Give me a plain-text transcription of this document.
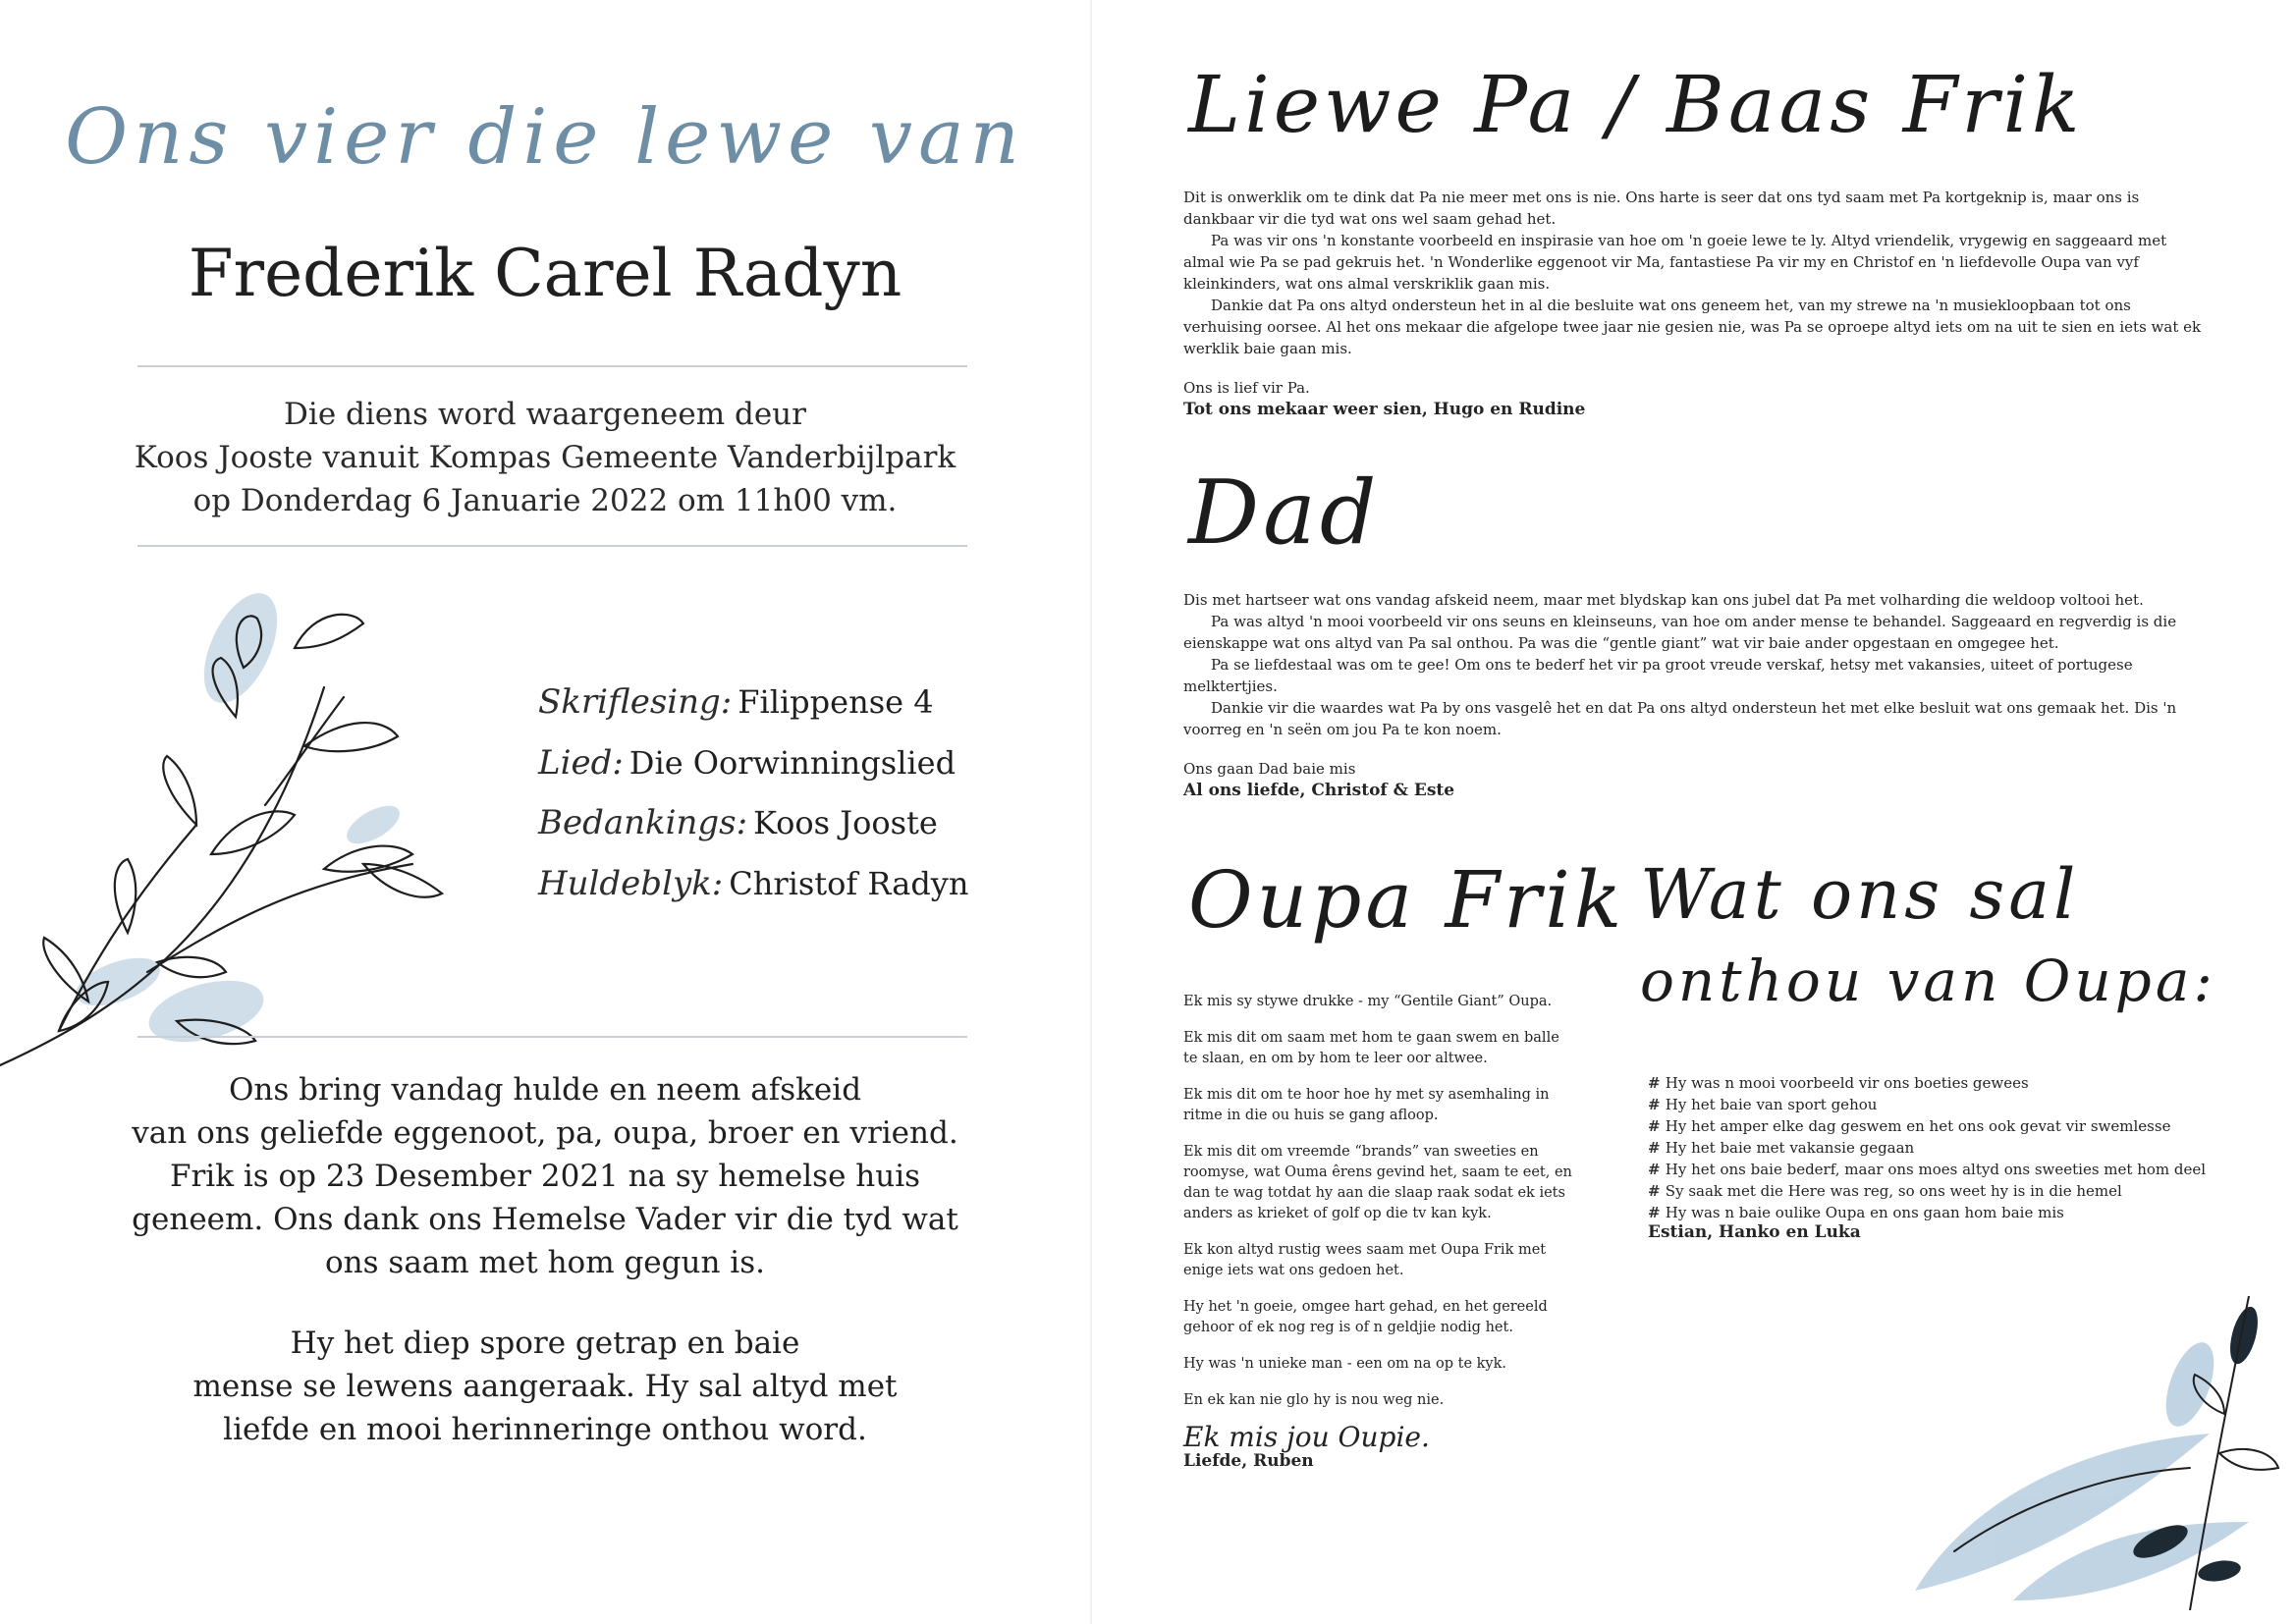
Ons vier die lewe van
Frederik Carel Radyn
Die diens word waargeneem deur
Koos Jooste vanuit Kompas Gemeente Vanderbijlpark
op Donderdag 6 Januarie 2022 om 11h00 vm.
Skriflesing: Filippense 4
Lied: Die Oorwinningslied
Bedankings: Koos Jooste
Huldeblyk: Christof Radyn
Ons bring vandag hulde en neem afskeid
van ons geliefde eggenoot, pa, oupa, broer en vriend.
Frik is op 23 Desember 2021 na sy hemelse huis
geneem. Ons dank ons Hemelse Vader vir die tyd wat
ons saam met hom gegun is.
Hy het diep spore getrap en baie
mense se lewens aangeraak. Hy sal altyd met
liefde en mooi herinneringe onthou word.
Liewe Pa / Baas Frik

Dit is onwerklik om te dink dat Pa nie meer met ons is nie. Ons harte is seer dat ons tyd saam met Pa kortgeknip is, maar ons is dankbaar vir die tyd wat ons wel saam gehad het.

Pa was vir ons 'n konstante voorbeeld en inspirasie van hoe om 'n goeie lewe te ly. Altyd vriendelik, vrygewig en saggeaard met almal wie Pa se pad gekruis het. 'n Wonderlike eggenoot vir Ma, fantastiese Pa vir my en Christof en 'n liefdevolle Oupa van vyf kleinkinders, wat ons almal verskriklik gaan mis.

Dankie dat Pa ons altyd ondersteun het in al die besluite wat ons geneem het, van my strewe na 'n musiekloopbaan tot ons verhuising oorsee. Al het ons mekaar die afgelope twee jaar nie gesien nie, was Pa se oproepe altyd iets om na uit te sien en iets wat ek werklik baie gaan mis.

Ons is lief vir Pa.

Tot ons mekaar weer sien, Hugo en Rudine

Dad

Dis met hartseer wat ons vandag afskeid neem, maar met blydskap kan ons jubel dat Pa met volharding die weldoop voltooi het.

Pa was altyd 'n mooi voorbeeld vir ons seuns en kleinseuns, van hoe om ander mense te behandel. Saggeaard en regverdig is die eienskappe wat ons altyd van Pa sal onthou. Pa was die “gentle giant” wat vir baie ander opgestaan en omgegee het.

Pa se liefdestaal was om te gee! Om ons te bederf het vir pa groot vreude verskaf, hetsy met vakansies, uiteet of portugese melktertjies.

Dankie vir die waardes wat Pa by ons vasgelê het en dat Pa ons altyd ondersteun het met elke besluit wat ons gemaak het. Dis 'n voorreg en 'n seën om jou Pa te kon noem.

Ons gaan Dad baie mis

Al ons liefde, Christof & Este

Oupa Frik

Ek mis sy stywe drukke - my “Gentile Giant” Oupa.

Ek mis dit om saam met hom te gaan swem en balle te slaan, en om by hom te leer oor altwee.

Ek mis dit om te hoor hoe hy met sy asemhaling in ritme in die ou huis se gang afloop.

Ek mis dit om vreemde “brands” van sweeties en roomyse, wat Ouma êrens gevind het, saam te eet, en dan te wag totdat hy aan die slaap raak sodat ek iets anders as krieket of golf op die tv kan kyk.

Ek kon altyd rustig wees saam met Oupa Frik met enige iets wat ons gedoen het.

Hy het 'n goeie, omgee hart gehad, en het gereeld gehoor of ek nog reg is of n geldjie nodig het.

Hy was 'n unieke man - een om na op te kyk.

En ek kan nie glo hy is nou weg nie.

Ek mis jou Oupie.

Liefde, Ruben

Wat ons sal
onthou van Oupa:

# Hy was n mooi voorbeeld vir ons boeties gewees

# Hy het baie van sport gehou

# Hy het amper elke dag geswem en het ons ook gevat vir swemlesse

# Hy het baie met vakansie gegaan

# Hy het ons baie bederf, maar ons moes altyd ons sweeties met hom deel

# Sy saak met die Here was reg, so ons weet hy is in die hemel

# Hy was n baie oulike Oupa en ons gaan hom baie mis

Estian, Hanko en Luka
